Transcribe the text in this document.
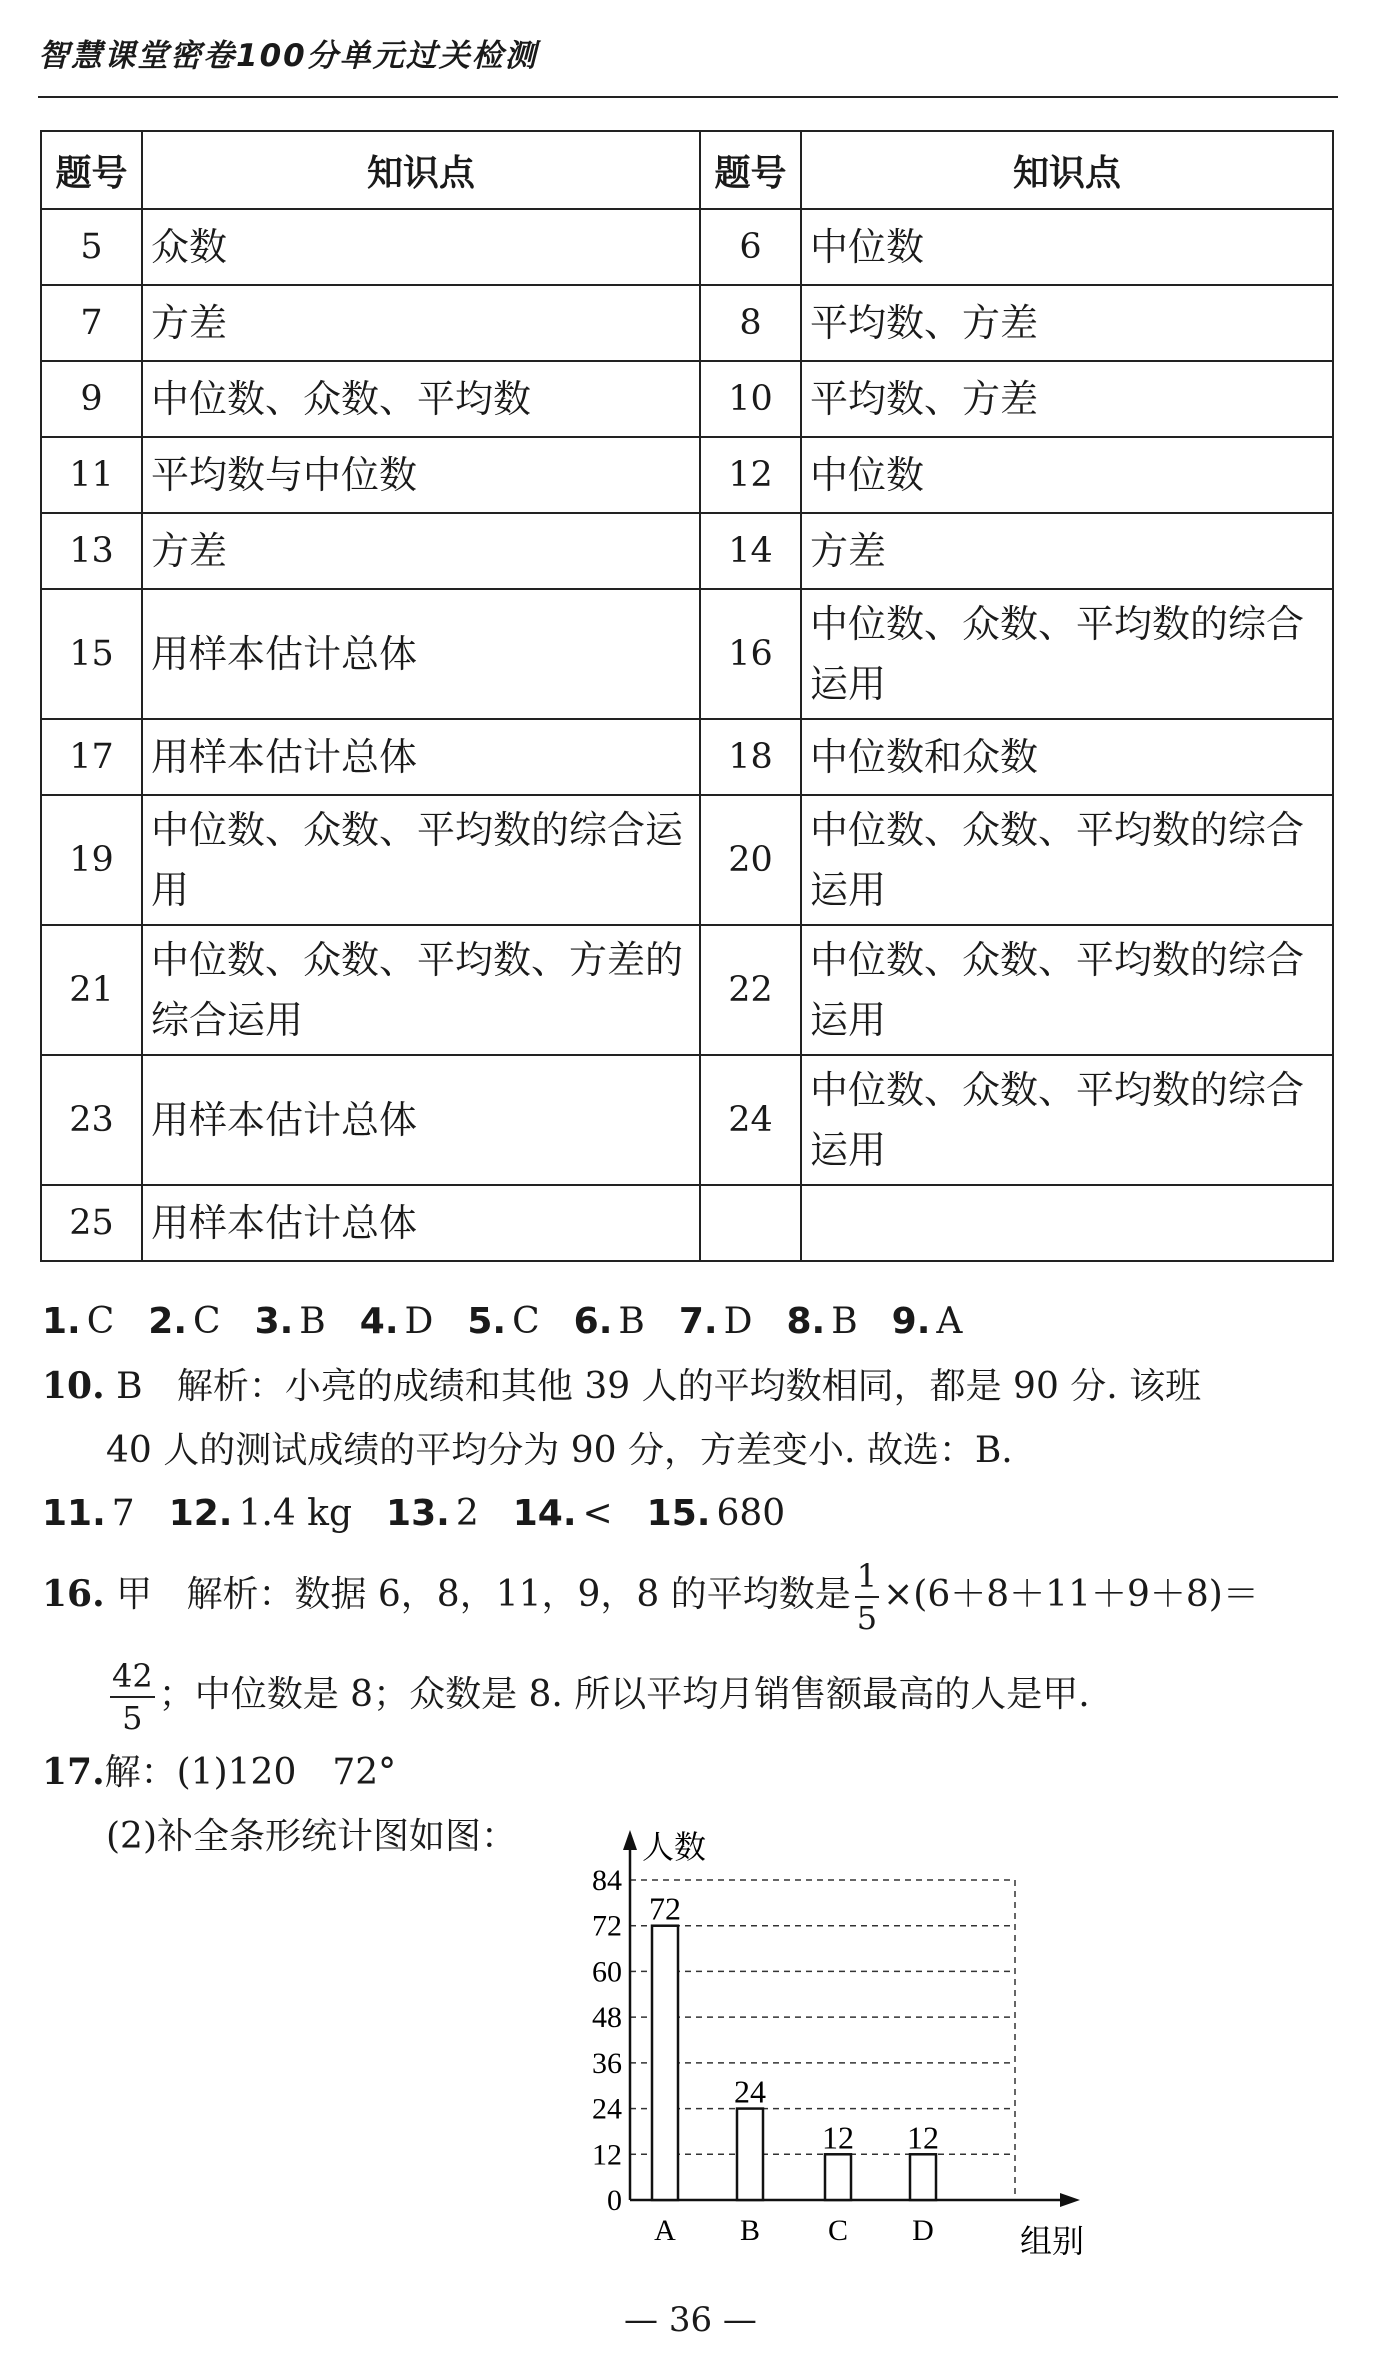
智慧课堂密卷100分单元过关检测
题号	知识点	题号	知识点
5	众数	6	中位数
7	方差	8	平均数、方差
9	中位数、众数、平均数	10	平均数、方差
11	平均数与中位数	12	中位数
13	方差	14	方差
15	用样本估计总体	16	中位数、众数、平均数的综合运用
17	用样本估计总体	18	中位数和众数
19	中位数、众数、平均数的综合运用	20	中位数、众数、平均数的综合运用
21	中位数、众数、平均数、方差的综合运用	22	中位数、众数、平均数的综合运用
23	用样本估计总体	24	中位数、众数、平均数的综合运用
25	用样本估计总体		
1. C 2. C 3. B 4. D 5. C 6. B 7. D 8. B 9. A
10. B 解析：小亮的成绩和其他 39 人的平均数相同，都是 90 分. 该班
40 人的测试成绩的平均分为 90 分，方差变小. 故选：B.
11. 7 12. 1.4 kg 13. 2 14. < 15. 680
16. 甲 解析：数据 6，8，11，9，8 的平均数是 $\frac{1}{5} \times(6+8+11+9+8)=$
$\frac{42}{5}$ ；中位数是 8；众数是 8. 所以平均月销售额最高的人是甲.
17.解：(1)120　72°
(2)补全条形统计图如图：
0
12
24
36
48
60
72
84
人数
组别
72
A
24
B
12
C
12
D
— 36 —
